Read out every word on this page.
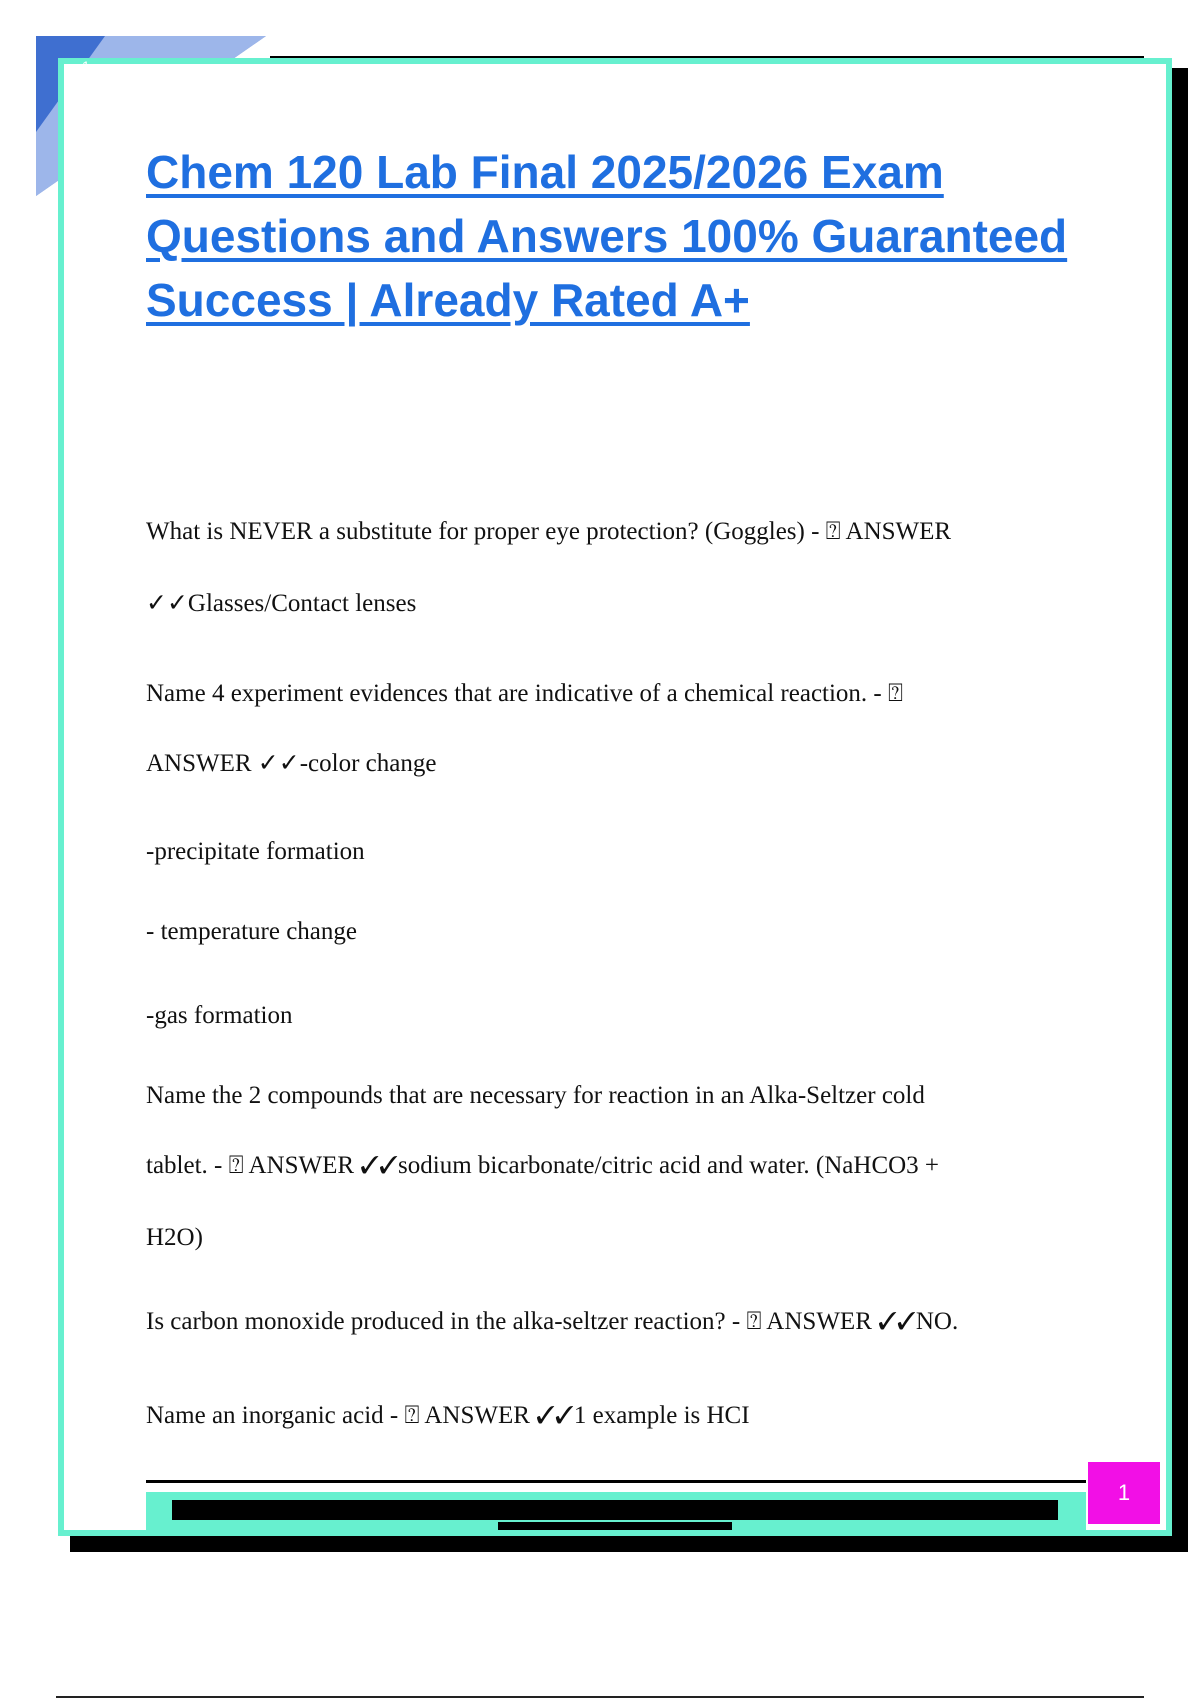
1
Chem 120 Lab Final 2025/2026 Exam Questions and Answers 100% Guaranteed Success | Already Rated A+

What is NEVER a substitute for proper eye protection? (Goggles) - ⍰ ANSWER

✓✓Glasses/Contact lenses

Name 4 experiment evidences that are indicative of a chemical reaction. - ⍰

ANSWER ✓✓-color change

-precipitate formation

- temperature change

-gas formation

Name the 2 compounds that are necessary for reaction in an Alka-Seltzer cold

tablet. - ⍰ ANSWER ✓✓sodium bicarbonate/citric acid and water. (NaHCO3 +

H2O)

Is carbon monoxide produced in the alka-seltzer reaction? - ⍰ ANSWER ✓✓NO.

Name an inorganic acid - ⍰ ANSWER ✓✓1 example is HCI

1
